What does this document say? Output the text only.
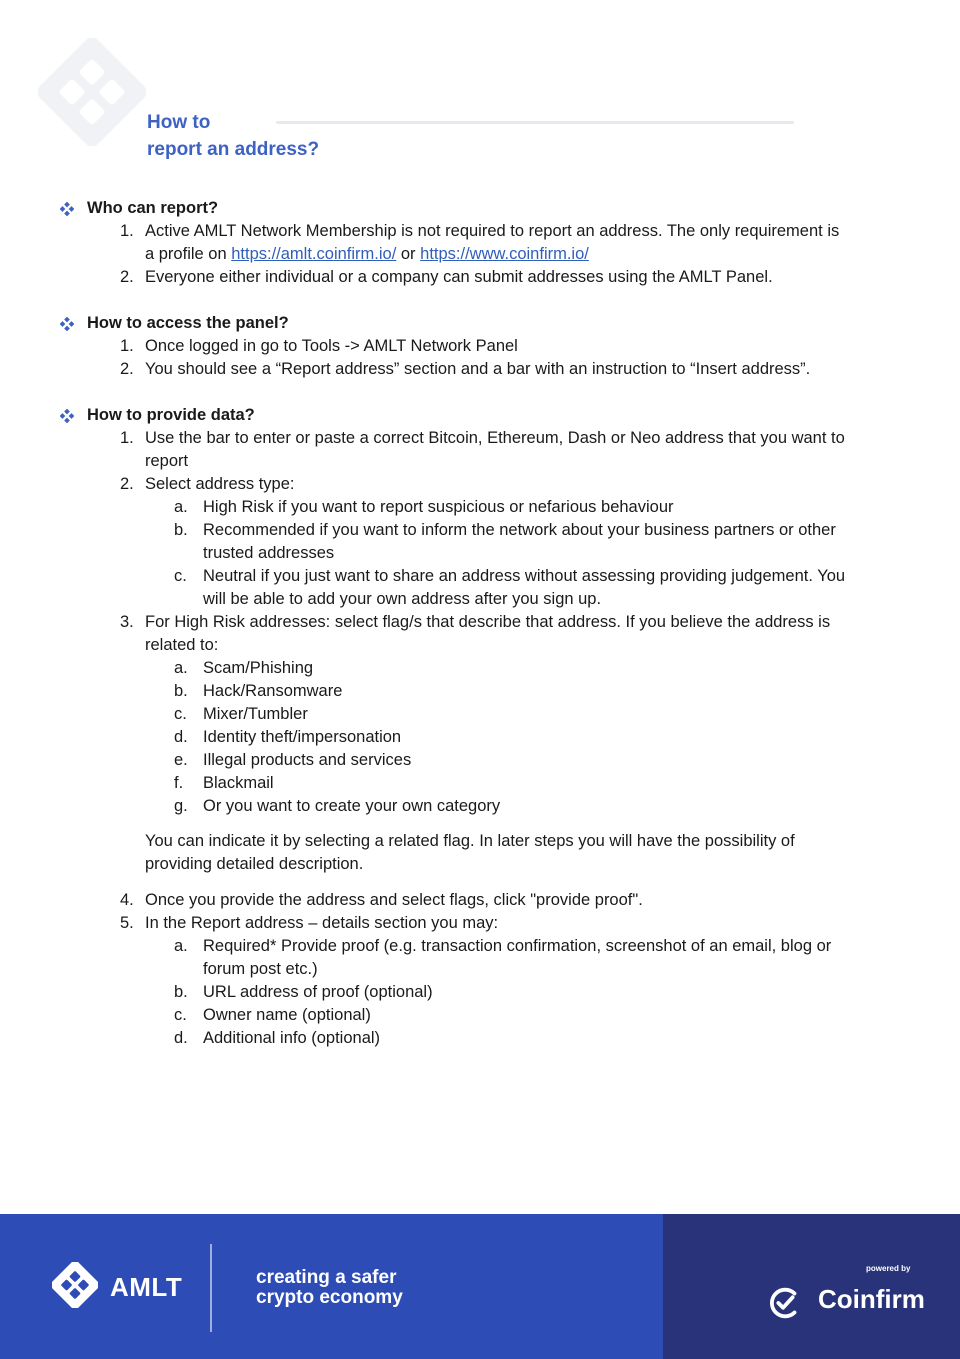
How to
report an address?
Who can report?
1. Active AMLT Network Membership is not required to report an address. The only requirement is a profile on https://amlt.coinfirm.io/ or https://www.coinfirm.io/
2. Everyone either individual or a company can submit addresses using the AMLT Panel.
How to access the panel?
1. Once logged in go to Tools -> AMLT Network Panel
2. You should see a “Report address” section and a bar with an instruction to “Insert address”.
How to provide data?
1. Use the bar to enter or paste a correct Bitcoin, Ethereum, Dash or Neo address that you want to report
2. Select address type:
a. High Risk if you want to report suspicious or nefarious behaviour
b. Recommended if you want to inform the network about your business partners or other trusted addresses
c. Neutral if you just want to share an address without assessing providing judgement. You will be able to add your own address after you sign up.
3. For High Risk addresses: select flag/s that describe that address. If you believe the address is related to:
a. Scam/Phishing
b. Hack/Ransomware
c. Mixer/Tumbler
d. Identity theft/impersonation
e. Illegal products and services
f. Blackmail
g. Or you want to create your own category
You can indicate it by selecting a related flag. In later steps you will have the possibility of providing detailed description.
4. Once you provide the address and select flags, click "provide proof".
5. In the Report address – details section you may:
a. Required* Provide proof (e.g. transaction confirmation, screenshot of an email, blog or forum post etc.)
b. URL address of proof (optional)
c. Owner name (optional)
d. Additional info (optional)
AMLT	creating a safer
crypto economy
powered by
Coinfirm
